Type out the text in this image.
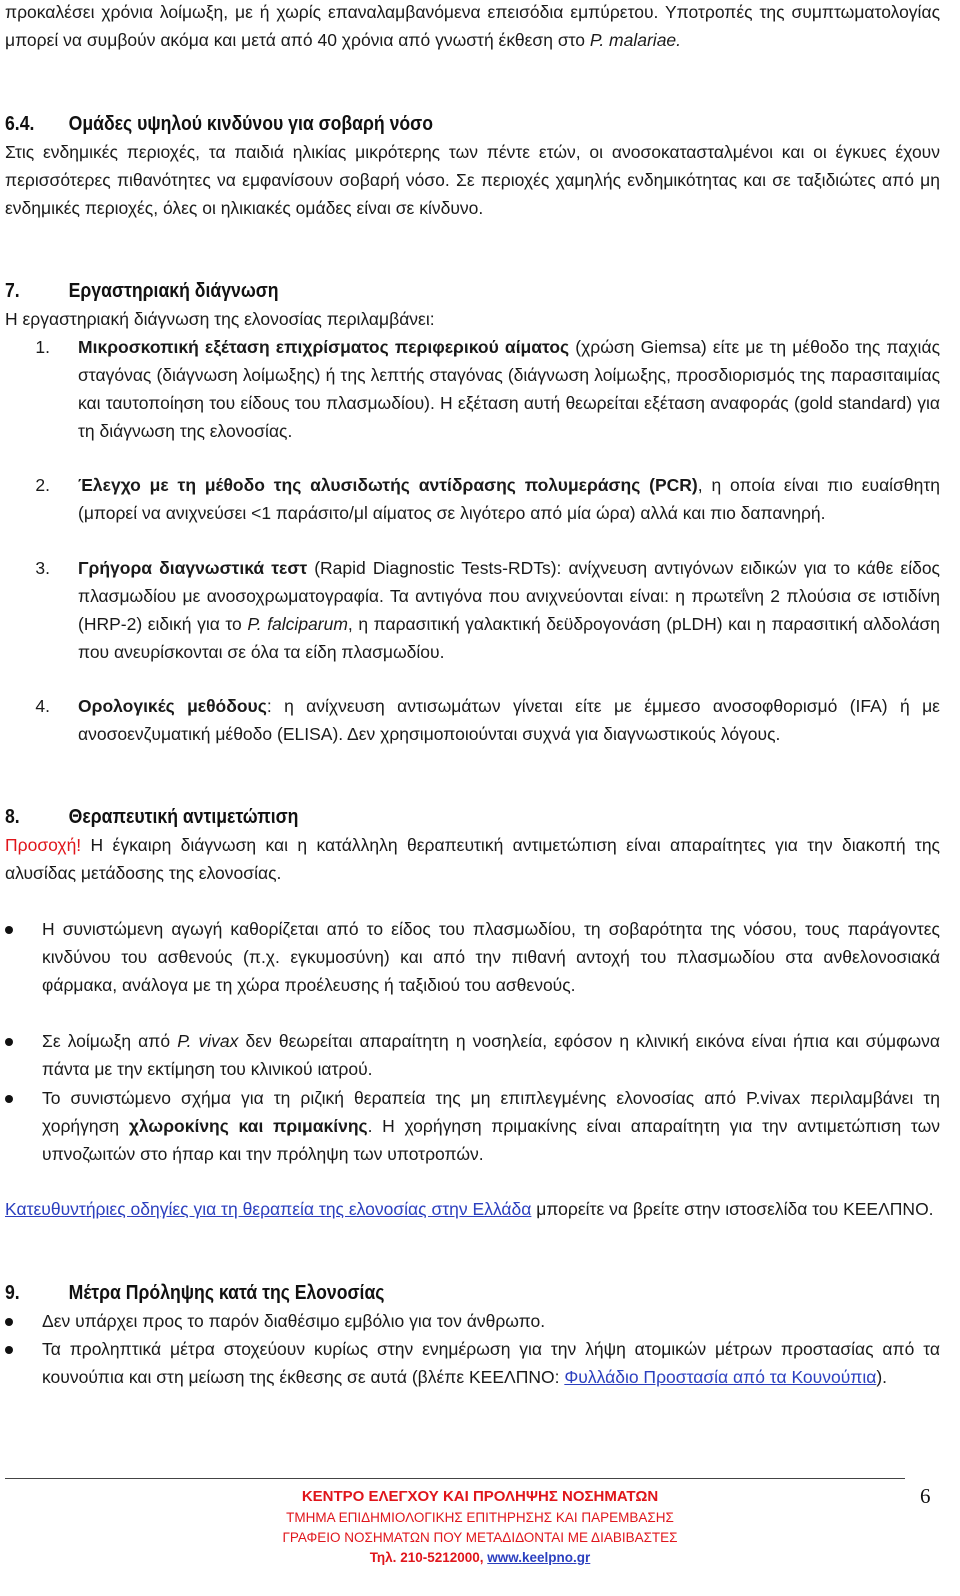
προκαλέσει χρόνια λοίμωξη, με ή χωρίς επαναλαμβανόμενα επεισόδια εμπύρετου. Υποτροπές της συμπτωματολογίας μπορεί να συμβούν ακόμα και μετά από 40 χρόνια από γνωστή έκθεση στο P. malariae.
6.4.	Ομάδες υψηλού κινδύνου για σοβαρή νόσο
Στις ενδημικές περιοχές, τα παιδιά ηλικίας μικρότερης των πέντε ετών, οι ανοσοκατασταλμένοι και οι έγκυες έχουν περισσότερες πιθανότητες να εμφανίσουν σοβαρή νόσο. Σε περιοχές χαμηλής ενδημικότητας και σε ταξιδιώτες από μη ενδημικές περιοχές, όλες οι ηλικιακές ομάδες είναι σε κίνδυνο.
7.	Εργαστηριακή διάγνωση
Η εργαστηριακή διάγνωση της ελονοσίας περιλαμβάνει:
1. Μικροσκοπική εξέταση επιχρίσματος περιφερικού αίματος (χρώση Giemsa) είτε με τη μέθοδο της παχιάς σταγόνας (διάγνωση λοίμωξης) ή της λεπτής σταγόνας (διάγνωση λοίμωξης, προσδιορισμός της παρασιταιμίας και ταυτοποίηση του είδους του πλασμωδίου). Η εξέταση αυτή θεωρείται εξέταση αναφοράς (gold standard) για τη διάγνωση της ελονοσίας.
2. Έλεγχο με τη μέθοδο της αλυσιδωτής αντίδρασης πολυμεράσης (PCR), η οποία είναι πιο ευαίσθητη (μπορεί να ανιχνεύσει <1 παράσιτο/μl αίματος σε λιγότερο από μία ώρα) αλλά και πιο δαπανηρή.
3. Γρήγορα διαγνωστικά τεστ (Rapid Diagnostic Tests-RDTs): ανίχνευση αντιγόνων ειδικών για το κάθε είδος πλασμωδίου με ανοσοχρωματογραφία. Τα αντιγόνα που ανιχνεύονται είναι: η πρωτεΐνη 2 πλούσια σε ιστιδίνη (HRP-2) ειδική για το P. falciparum, η παρασιτική γαλακτική δεϋδρογονάση (pLDH) και η παρασιτική αλδολάση που ανευρίσκονται σε όλα τα είδη πλασμωδίου.
4. Ορολογικές μεθόδους: η ανίχνευση αντισωμάτων γίνεται είτε με έμμεσο ανοσοφθορισμό (IFA) ή με ανοσοενζυματική μέθοδο (ELISA). Δεν χρησιμοποιούνται συχνά για διαγνωστικούς λόγους.
8.	Θεραπευτική αντιμετώπιση
Προσοχή! Η έγκαιρη διάγνωση και η κατάλληλη θεραπευτική αντιμετώπιση είναι απαραίτητες για την διακοπή της αλυσίδας μετάδοσης της ελονοσίας.
Η συνιστώμενη αγωγή καθορίζεται από το είδος του πλασμωδίου, τη σοβαρότητα της νόσου, τους παράγοντες κινδύνου του ασθενούς (π.χ. εγκυμοσύνη) και από την πιθανή αντοχή του πλασμωδίου στα ανθελονοσιακά φάρμακα, ανάλογα με τη χώρα προέλευσης ή ταξιδιού του ασθενούς.
Σε λοίμωξη από P. vivax δεν θεωρείται απαραίτητη η νοσηλεία, εφόσον η κλινική εικόνα είναι ήπια και σύμφωνα πάντα με την εκτίμηση του κλινικού ιατρού.
Το συνιστώμενο σχήμα για τη ριζική θεραπεία της μη επιπλεγμένης ελονοσίας από P.vivax περιλαμβάνει τη χορήγηση χλωροκίνης και πριμακίνης. Η χορήγηση πριμακίνης είναι απαραίτητη για την αντιμετώπιση των υπνοζωιτών στο ήπαρ και την πρόληψη των υποτροπών.
Κατευθυντήριες οδηγίες για τη θεραπεία της ελονοσίας στην Ελλάδα μπορείτε να βρείτε στην ιστοσελίδα του ΚΕΕΛΠΝΟ.
9.	Μέτρα Πρόληψης κατά της Ελονοσίας
Δεν υπάρχει προς το παρόν διαθέσιμο εμβόλιο για τον άνθρωπο.
Τα προληπτικά μέτρα στοχεύουν κυρίως στην ενημέρωση για την λήψη ατομικών μέτρων προστασίας από τα κουνούπια και στη μείωση της έκθεσης σε αυτά (βλέπε ΚΕΕΛΠΝΟ: Φυλλάδιο Προστασία από τα Κουνούπια).
ΚΕΝΤΡΟ ΕΛΕΓΧΟΥ ΚΑΙ ΠΡΟΛΗΨΗΣ ΝΟΣΗΜΑΤΩΝ
ΤΜΗΜΑ ΕΠΙΔΗΜΙΟΛΟΓΙΚΗΣ ΕΠΙΤΗΡΗΣΗΣ ΚΑΙ ΠΑΡΕΜΒΑΣΗΣ
ΓΡΑΦΕΙΟ ΝΟΣΗΜΑΤΩΝ ΠΟΥ ΜΕΤΑΔΙΔΟΝΤΑΙ ΜΕ ΔΙΑΒΙΒΑΣΤΕΣ
Τηλ. 210-5212000, www.keelpno.gr
6
